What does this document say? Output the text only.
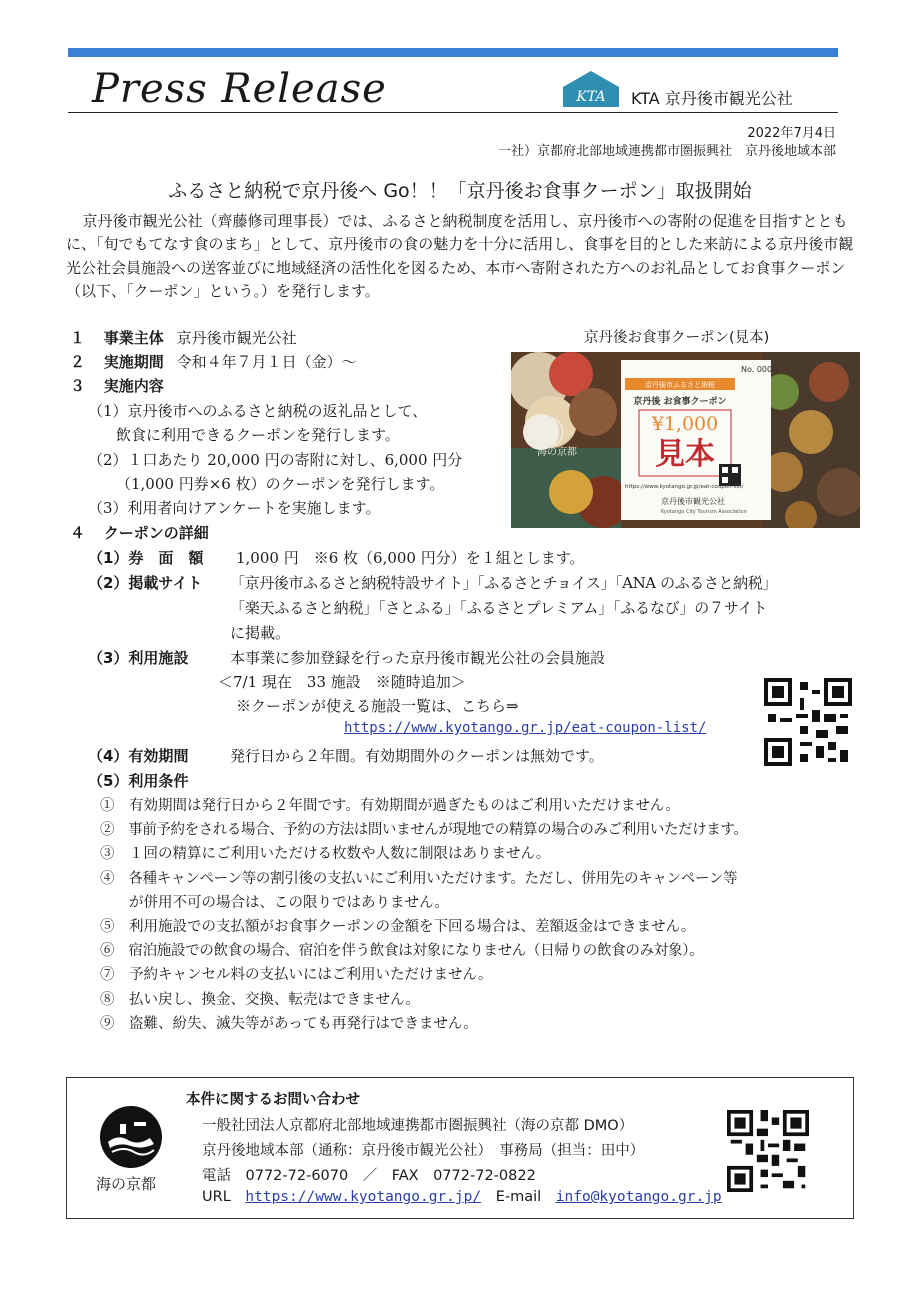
Press Release	KTA KTA 京丹後市観光公社
2022年7月4日
一社）京都府北部地域連携都市圏振興社　京丹後地域本部
ふるさと納税で京丹後へ Go！！「京丹後お食事クーポン」取扱開始
京丹後市観光公社（齊藤修司理事長）では、ふるさと納税制度を活用し、京丹後市への寄附の促進を目指すとともに、「旬でもてなす食のまち」として、京丹後市の食の魅力を十分に活用し、食事を目的とした来訪による京丹後市観光公社会員施設への送客並びに地域経済の活性化を図るため、本市へ寄附された方へのお礼品としてお食事クーポン（以下、「クーポン」という。）を発行します。
１ 事業主体 京丹後市観光公社
２ 実施期間 令和４年７月１日（金）～
３ 実施内容
（1）京丹後市へのふるさと納税の返礼品として、
飲食に利用できるクーポンを発行します。
（2）１口あたり 20,000 円の寄附に対し、6,000 円分
（1,000 円券×6 枚）のクーポンを発行します。
（3）利用者向けアンケートを実施します。
京丹後お食事クーポン(見本)
No. 0000
京丹後市ふるさと納税
京丹後 お食事クーポン
¥1,000
見本
https://www.kyotango.gr.jp/eat-coupon-list/
京丹後市観光公社
Kyotango City Tourism Association
海の京都
４ クーポンの詳細
（1）券　面　額 1,000 円　※6 枚（6,000 円分）を１組とします。
（2）掲載サイト 「京丹後市ふるさと納税特設サイト」「ふるさとチョイス」「ANA のふるさと納税」
「楽天ふるさと納税」「さとふる」「ふるさとプレミアム」「ふるなび」の７サイト
に掲載。
（3）利用施設	本事業に参加登録を行った京丹後市観光公社の会員施設
＜7/1 現在　33 施設　※随時追加＞
※クーポンが使える施設一覧は、こちら⇒
https://www.kyotango.gr.jp/eat-coupon-list/
（4）有効期間	発行日から２年間。有効期間外のクーポンは無効です。
（5）利用条件
①　有効期間は発行日から２年間です。有効期間が過ぎたものはご利用いただけません。
②　事前予約をされる場合、予約の方法は問いませんが現地での精算の場合のみご利用いただけます。
③　１回の精算にご利用いただける枚数や人数に制限はありません。
④　各種キャンペーン等の割引後の支払いにご利用いただけます。ただし、併用先のキャンペーン等
　　が併用不可の場合は、この限りではありません。
⑤　利用施設での支払額がお食事クーポンの金額を下回る場合は、差額返金はできません。
⑥　宿泊施設での飲食の場合、宿泊を伴う飲食は対象になりません（日帰りの飲食のみ対象）。
⑦　予約キャンセル料の支払いにはご利用いただけません。
⑧　払い戻し、換金、交換、転売はできません。
⑨　盗難、紛失、滅失等があっても再発行はできません。
海の京都
本件に関するお問い合わせ
一般社団法人京都府北部地域連携都市圏振興社（海の京都 DMO）
京丹後地域本部（通称：京丹後市観光公社）　事務局（担当：田中）
電話　0772-72-6070　／　FAX　0772-72-0822
URL https://www.kyotango.gr.jp/ E-mail info@kyotango.gr.jp
